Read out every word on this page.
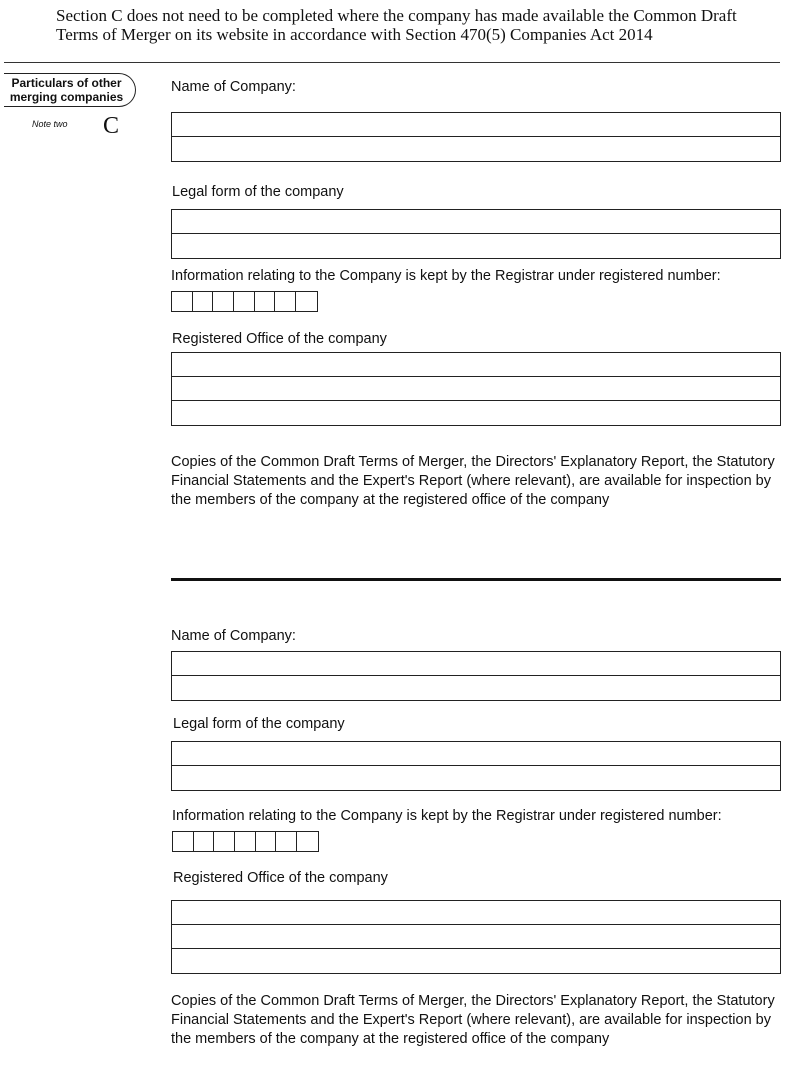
Section C does not need to be completed where the company has made available the Common Draft Terms of Merger on its website in accordance with Section 470(5) Companies Act 2014
Particulars of other merging companies
Note two C
Name of Company:
Legal form of the company
Information relating to the Company is kept by the Registrar under registered number:
Registered Office of the company
Copies of the Common Draft Terms of Merger, the Directors' Explanatory Report, the Statutory Financial Statements and the Expert's Report (where relevant), are available for inspection by the members of the company at the registered office of the company
Name of Company:
Legal form of the company
Information relating to the Company is kept by the Registrar under registered number:
Registered Office of the company
Copies of the Common Draft Terms of Merger, the Directors' Explanatory Report, the Statutory Financial Statements and the Expert's Report (where relevant), are available for inspection by the members of the company at the registered office of the company
